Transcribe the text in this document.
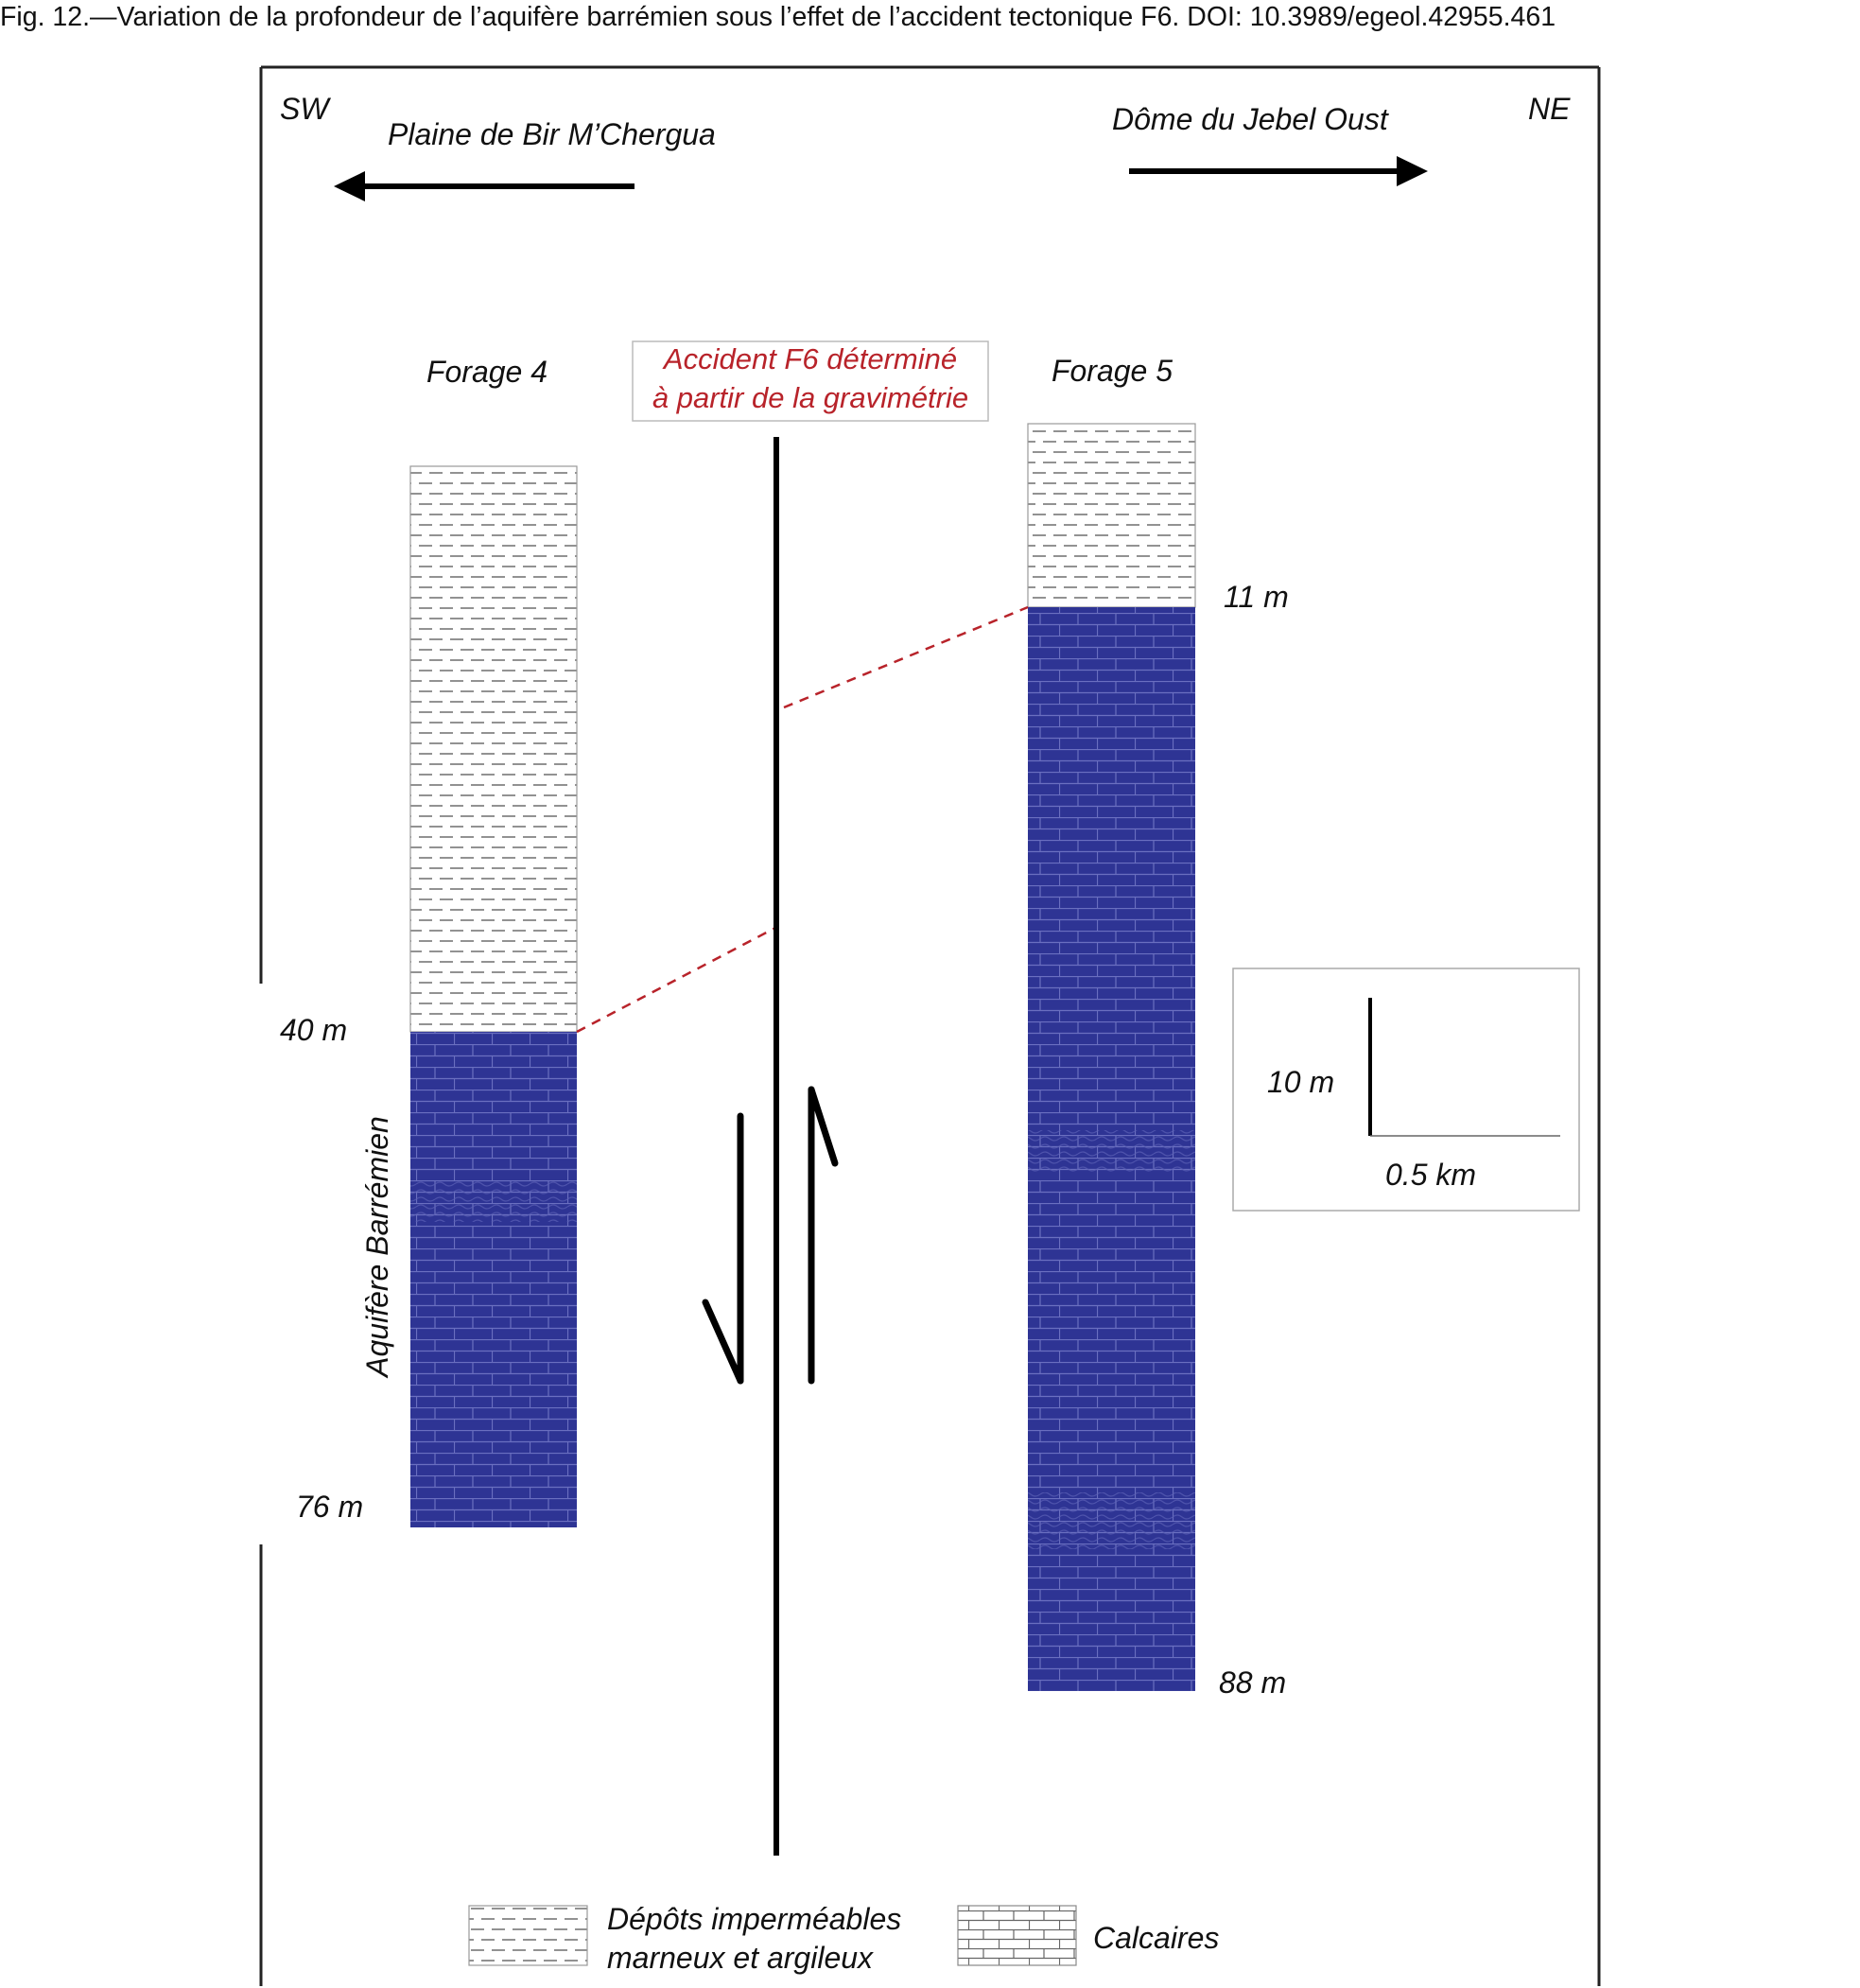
Fig. 12.—Variation de la profondeur de l’aquifère barrémien sous l’effet de l’accident tectonique F6. DOI: 10.3989/egeol.42955.461
SW	NE
Plaine de Bir M’Chergua	Dôme du Jebel Oust
Accident F6 déterminé
à partir de la gravimétrie
Forage 4	Forage 5
40 m
76 m
11 m
88 m
Aquifère Barrémien
10 m
0.5 km
Dépôts imperméables
marneux et argileux
Calcaires
